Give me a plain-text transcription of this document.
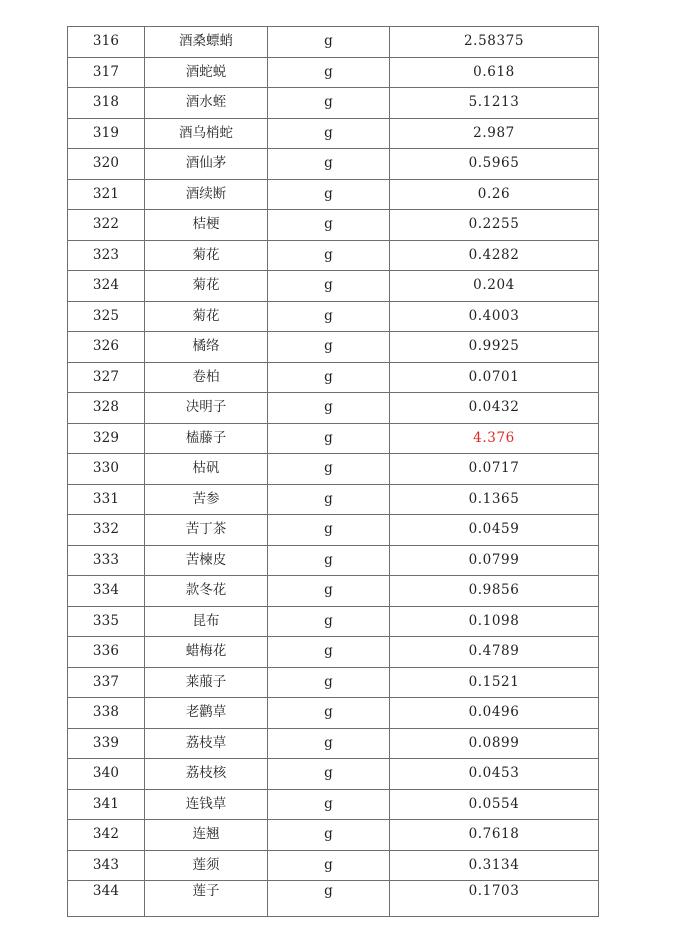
316	酒桑螵蛸	g	2.58375
317	酒蛇蜕	g	0.618
318	酒水蛭	g	5.1213
319	酒乌梢蛇	g	2.987
320	酒仙茅	g	0.5965
321	酒续断	g	0.26
322	桔梗	g	0.2255
323	菊花	g	0.4282
324	菊花	g	0.204
325	菊花	g	0.4003
326	橘络	g	0.9925
327	卷柏	g	0.0701
328	决明子	g	0.0432
329	榼藤子	g	4.376
330	枯矾	g	0.0717
331	苦参	g	0.1365
332	苦丁茶	g	0.0459
333	苦楝皮	g	0.0799
334	款冬花	g	0.9856
335	昆布	g	0.1098
336	蜡梅花	g	0.4789
337	莱菔子	g	0.1521
338	老鹳草	g	0.0496
339	荔枝草	g	0.0899
340	荔枝核	g	0.0453
341	连钱草	g	0.0554
342	连翘	g	0.7618
343	莲须	g	0.3134
344	莲子	g	0.1703
